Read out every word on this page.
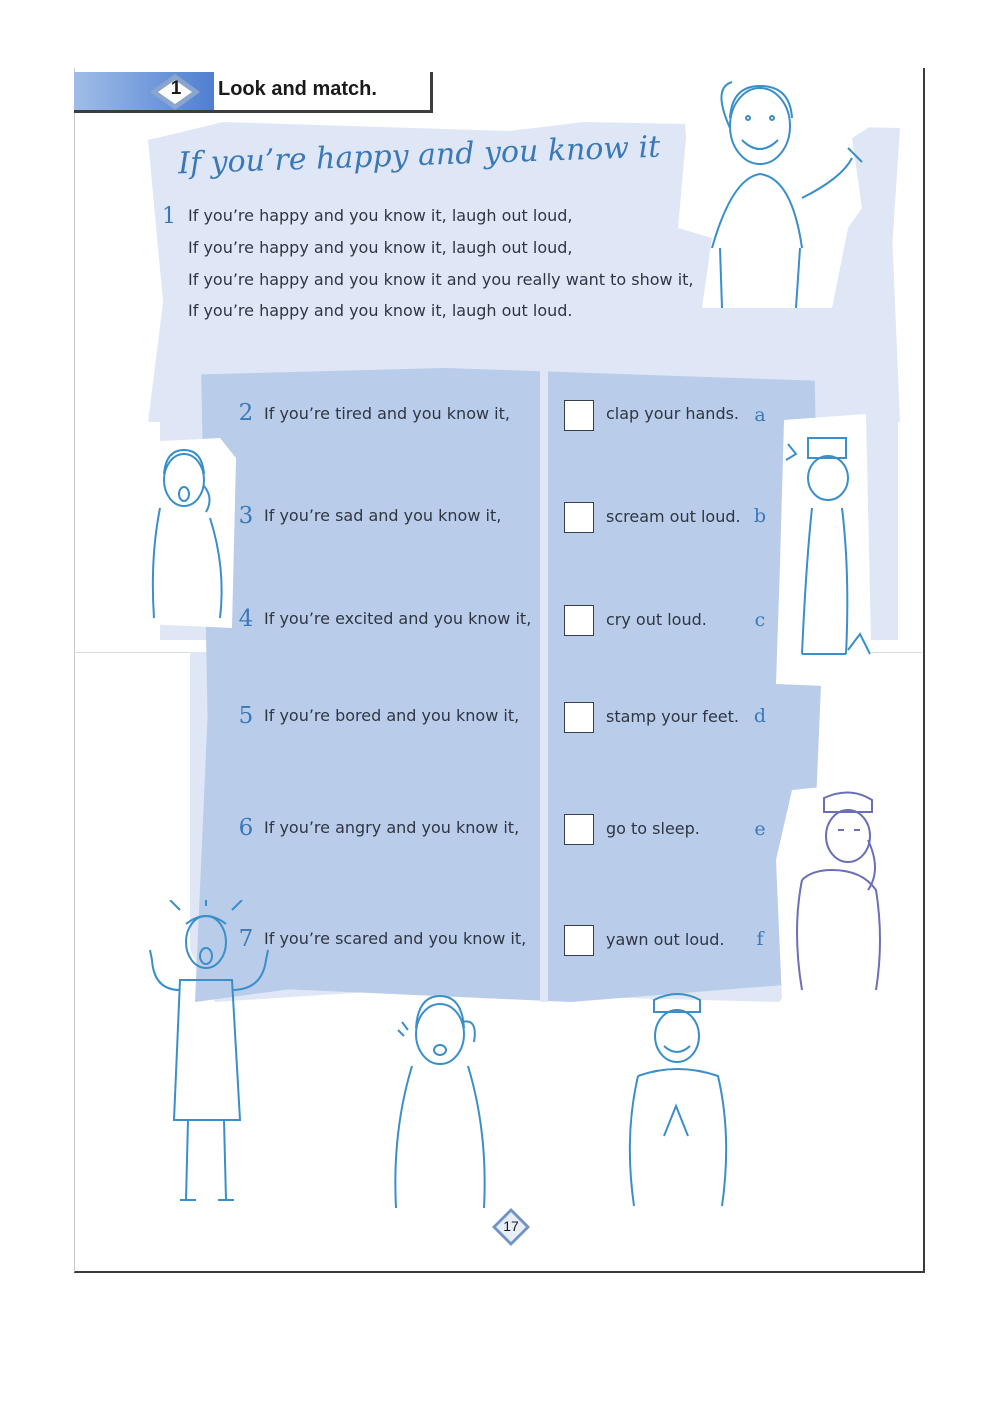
1 Look and match.
If you’re happy and you know it
1 If you’re happy and you know it, laugh out loud,
If you’re happy and you know it, laugh out loud,
If you’re happy and you know it and you really want to show it,
If you’re happy and you know it, laugh out loud.
2 If you’re tired and you know it,	clap your hands. a
3 If you’re sad and you know it,	scream out loud. b
4 If you’re excited and you know it,	cry out loud.	c
5 If you’re bored and you know it,	stamp your feet. d
6 If you’re angry and you know it,	go to sleep.	e
7 If you’re scared and you know it,	yawn out loud. f
17
